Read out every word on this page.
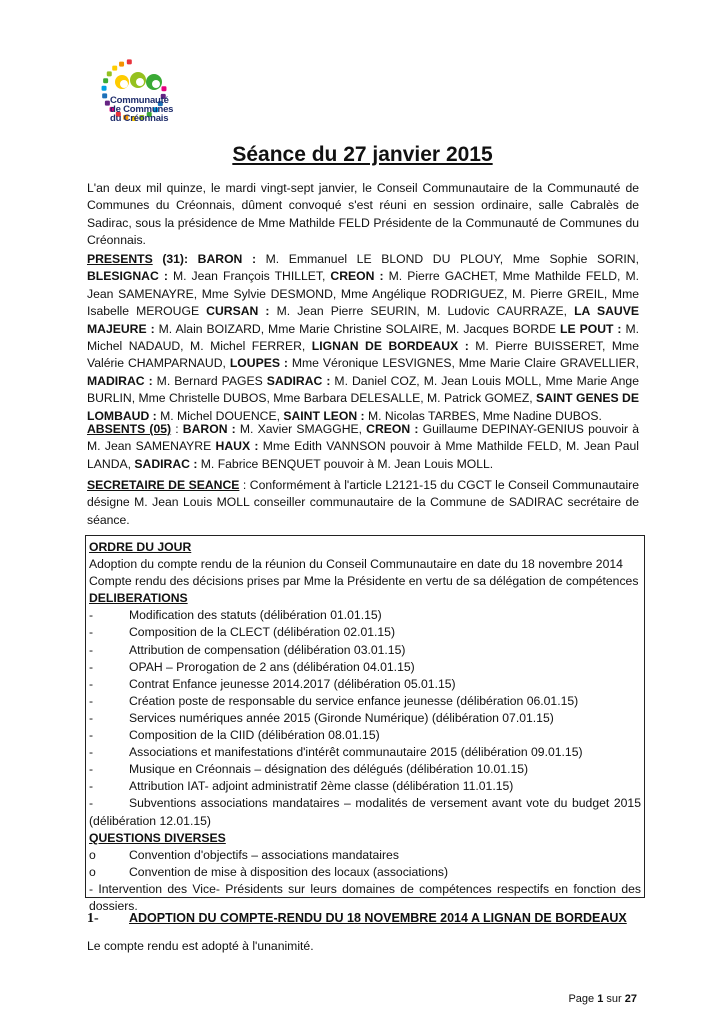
Communauté
de Communes
du Créonnais
Séance du 27 janvier 2015
L'an deux mil quinze, le mardi vingt-sept janvier, le Conseil Communautaire de la Communauté de Communes du Créonnais, dûment convoqué s'est réuni en session ordinaire, salle Cabralès de Sadirac, sous la présidence de Mme Mathilde FELD Présidente de la Communauté de Communes du Créonnais.
PRESENTS (31): BARON : M. Emmanuel LE BLOND DU PLOUY, Mme Sophie SORIN, BLESIGNAC : M. Jean François THILLET, CREON : M. Pierre GACHET, Mme Mathilde FELD, M. Jean SAMENAYRE, Mme Sylvie DESMOND, Mme Angélique RODRIGUEZ, M. Pierre GREIL, Mme Isabelle MEROUGE CURSAN : M. Jean Pierre SEURIN, M. Ludovic CAURRAZE, LA SAUVE MAJEURE : M. Alain BOIZARD, Mme Marie Christine SOLAIRE, M. Jacques BORDE LE POUT : M. Michel NADAUD, M. Michel FERRER, LIGNAN DE BORDEAUX : M. Pierre BUISSERET, Mme Valérie CHAMPARNAUD, LOUPES : Mme Véronique LESVIGNES, Mme Marie Claire GRAVELLIER, MADIRAC : M. Bernard PAGES SADIRAC : M. Daniel COZ, M. Jean Louis MOLL, Mme Marie Ange BURLIN, Mme Christelle DUBOS, Mme Barbara DELESALLE, M. Patrick GOMEZ, SAINT GENES DE LOMBAUD : M. Michel DOUENCE, SAINT LEON : M. Nicolas TARBES, Mme Nadine DUBOS.
ABSENTS (05) : BARON : M. Xavier SMAGGHE, CREON : Guillaume DEPINAY-GENIUS pouvoir à M. Jean SAMENAYRE HAUX : Mme Edith VANNSON pouvoir à Mme Mathilde FELD, M. Jean Paul LANDA, SADIRAC : M. Fabrice BENQUET pouvoir à M. Jean Louis MOLL.
SECRETAIRE DE SEANCE : Conformément à l'article L2121-15 du CGCT le Conseil Communautaire désigne M. Jean Louis MOLL conseiller communautaire de la Commune de SADIRAC secrétaire de séance.
ORDRE DU JOUR
Adoption du compte rendu de la réunion du Conseil Communautaire en date du 18 novembre 2014
Compte rendu des décisions prises par Mme la Présidente en vertu de sa délégation de compétences
DELIBERATIONS
-	Modification des statuts (délibération 01.01.15)
-	Composition de la CLECT (délibération 02.01.15)
-	Attribution de compensation (délibération 03.01.15)
-	OPAH – Prorogation de 2 ans (délibération 04.01.15)
-	Contrat Enfance jeunesse 2014.2017 (délibération 05.01.15)
-	Création poste de responsable du service enfance jeunesse (délibération 06.01.15)
-	Services numériques année 2015 (Gironde Numérique) (délibération 07.01.15)
-	Composition de la CIID (délibération 08.01.15)
-	Associations et manifestations d'intérêt communautaire 2015 (délibération 09.01.15)
-	Musique en Créonnais – désignation des délégués (délibération 10.01.15)
-	Attribution IAT- adjoint administratif 2ème classe (délibération 11.01.15)
-	Subventions associations mandataires – modalités de versement avant vote du budget 2015 (délibération 12.01.15)
QUESTIONS DIVERSES
o	Convention d'objectifs – associations mandataires
o	Convention de mise à disposition des locaux (associations)
- Intervention des Vice- Présidents sur leurs domaines de compétences respectifs en fonction des dossiers.
1- ADOPTION DU COMPTE-RENDU DU 18 NOVEMBRE 2014 A LIGNAN DE BORDEAUX
Le compte rendu est adopté à l'unanimité.
Page 1 sur 27
